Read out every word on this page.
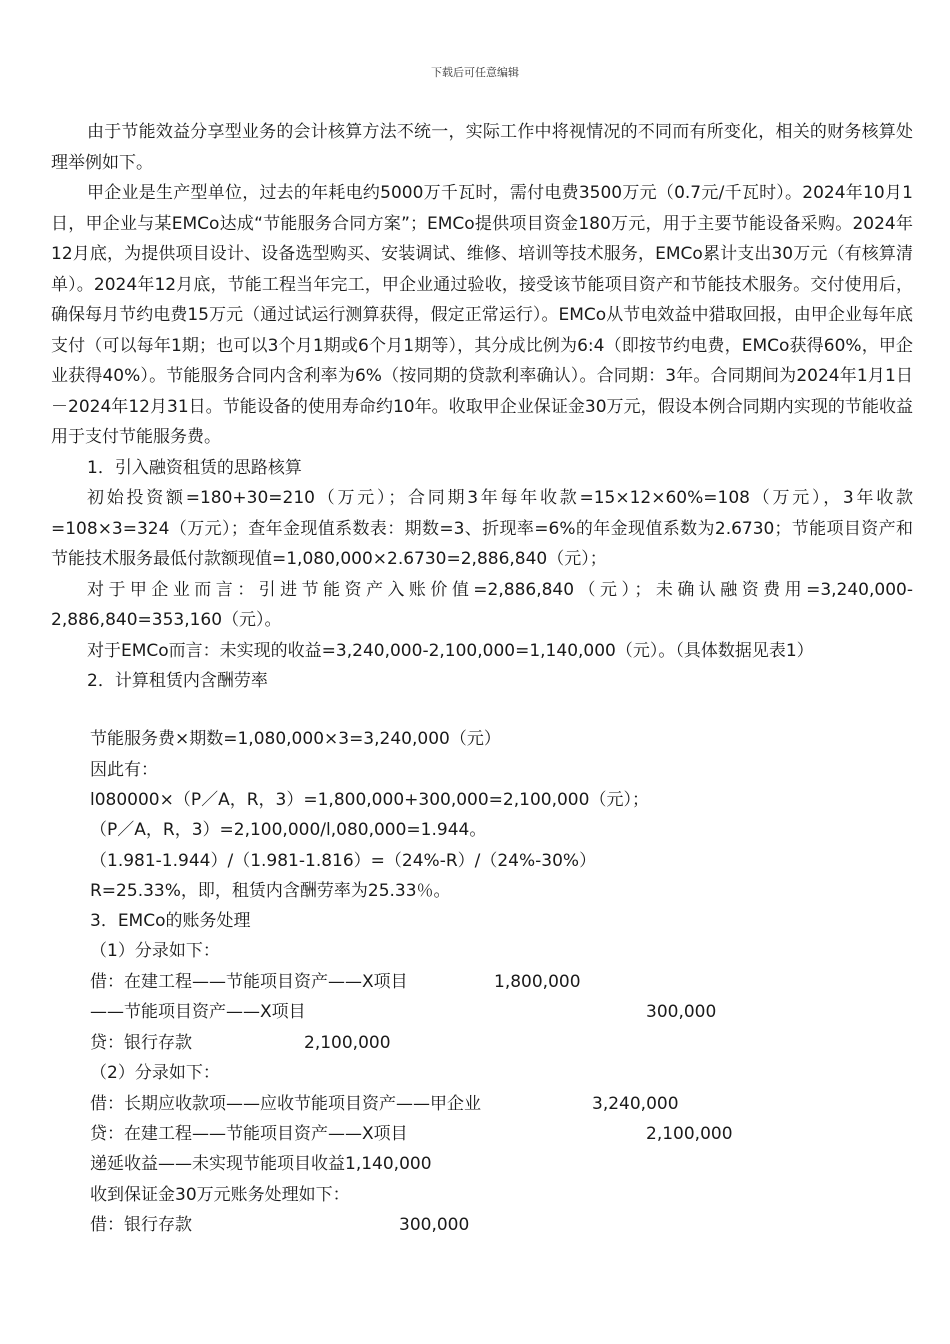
下载后可任意编辑

由于节能效益分享型业务的会计核算方法不统一，实际工作中将视情况的不同而有所变化，相关的财务核算处理举例如下。

甲企业是生产型单位，过去的年耗电约5000万千瓦时，需付电费3500万元（0.7元/千瓦时）。2024年10月1日，甲企业与某EMCo达成“节能服务合同方案”；EMCo提供项目资金180万元，用于主要节能设备采购。2024年12月底，为提供项目设计、设备选型购买、安装调试、维修、培训等技术服务，EMCo累计支出30万元（有核算清单）。2024年12月底，节能工程当年完工，甲企业通过验收，接受该节能项目资产和节能技术服务。交付使用后，确保每月节约电费15万元（通过试运行测算获得，假定正常运行）。EMCo从节电效益中猎取回报，由甲企业每年底支付（可以每年1期；也可以3个月1期或6个月1期等），其分成比例为6:4（即按节约电费，EMCo获得60%，甲企业获得40%）。节能服务合同内含利率为6%（按同期的贷款利率确认）。合同期：3年。合同期间为2024年1月1日－2024年12月31日。节能设备的使用寿命约10年。收取甲企业保证金30万元，假设本例合同期内实现的节能收益用于支付节能服务费。

1．引入融资租赁的思路核算

初始投资额=180+30=210（万元）；合同期3年每年收款=15×12×60%=108（万元），3年收款=108×3=324（万元）；查年金现值系数表：期数=3、折现率=6%的年金现值系数为2.6730；节能项目资产和节能技术服务最低付款额现值=1,080,000×2.6730=2,886,840（元）；

对于甲企业而言：引进节能资产入账价值=2,886,840（元）；未确认融资费用=3,240,000-2,886,840=353,160（元）。

对于EMCo而言：未实现的收益=3,240,000-2,100,000=1,140,000（元）。（具体数据见表1）

2．计算租赁内含酬劳率

节能服务费×期数=1,080,000×3=3,240,000（元）
因此有：
l080000×（P／A，R，3）=1,800,000+300,000=2,100,000（元）；
（P／A，R，3）=2,100,000/l,080,000=1.944。
（1.981-1.944）/（1.981-1.816）=（24%-R）/（24%-30%）
R=25.33%，即，租赁内含酬劳率为25.33％。
3．EMCo的账务处理
（1）分录如下：
借：在建工程——节能项目资产——X项目	1,800,000
——节能项目资产——X项目	300,000
贷：银行存款	2,100,000
（2）分录如下：
借：长期应收款项——应收节能项目资产——甲企业	3,240,000
贷：在建工程——节能项目资产——X项目	2,100,000
递延收益——未实现节能项目收益1,140,000
收到保证金30万元账务处理如下：
借：银行存款	300,000
